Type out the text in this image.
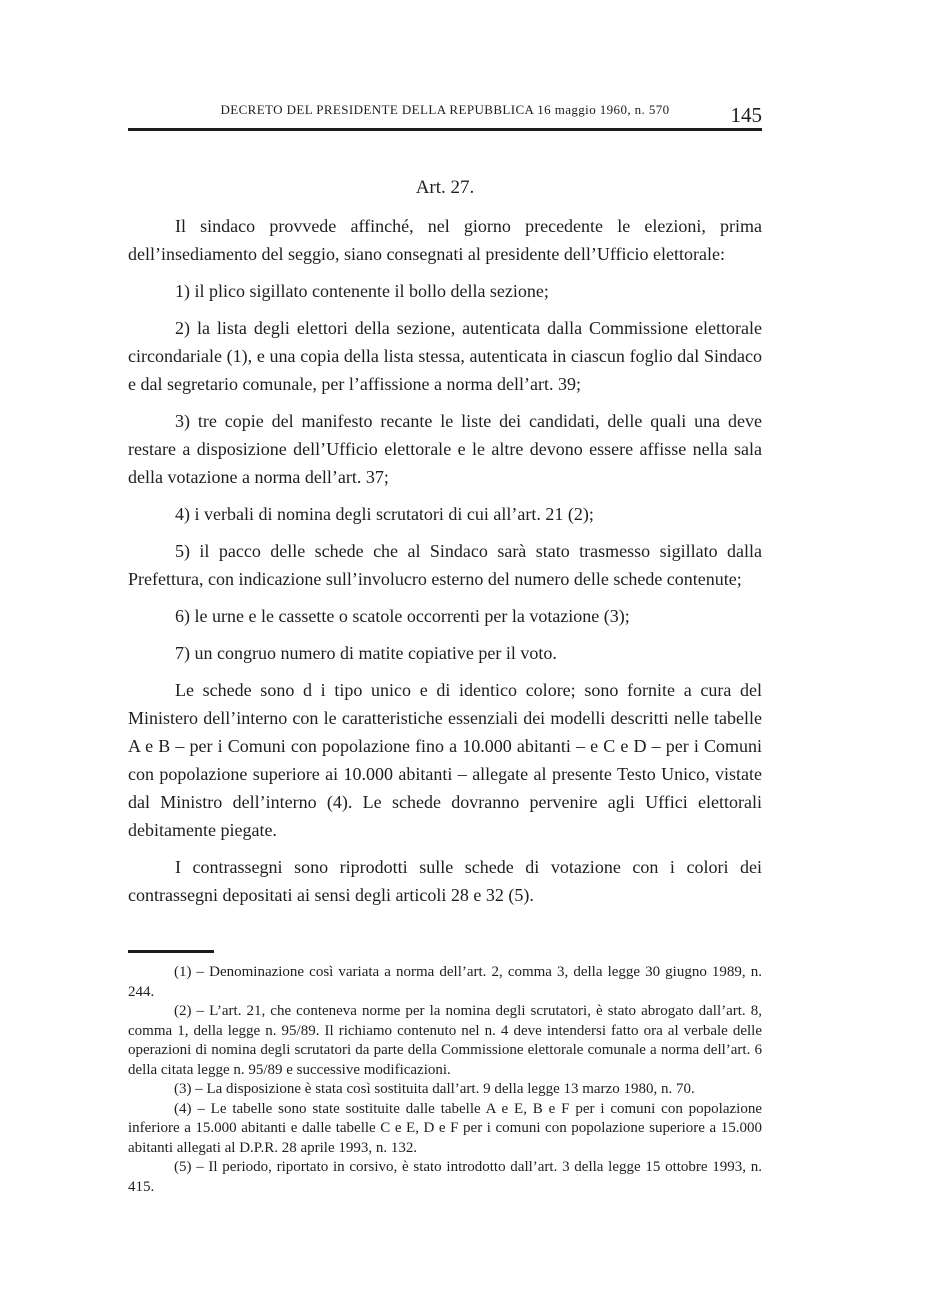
DECRETO DEL PRESIDENTE DELLA REPUBBLICA 16 maggio 1960, n. 570	145
Art. 27.

Il sindaco provvede affinché, nel giorno precedente le elezioni, prima dell’insediamento del seggio, siano consegnati al presidente dell’Ufficio elettorale:

1) il plico sigillato contenente il bollo della sezione;

2) la lista degli elettori della sezione, autenticata dalla Commissione elettorale circondariale (1), e una copia della lista stessa, autenticata in ciascun foglio dal Sindaco e dal segretario comunale, per l’affissione a norma dell’art. 39;

3) tre copie del manifesto recante le liste dei candidati, delle quali una deve restare a disposizione dell’Ufficio elettorale e le altre devono essere affisse nella sala della votazione a norma dell’art. 37;

4) i verbali di nomina degli scrutatori di cui all’art. 21 (2);

5) il pacco delle schede che al Sindaco sarà stato trasmesso sigillato dalla Prefettura, con indicazione sull’involucro esterno del numero delle schede contenute;

6) le urne e le cassette o scatole occorrenti per la votazione (3);

7) un congruo numero di matite copiative per il voto.

Le schede sono d i tipo unico e di identico colore; sono fornite a cura del Ministero dell’interno con le caratteristiche essenziali dei modelli descritti nelle tabelle A e B – per i Comuni con popolazione fino a 10.000 abitanti – e C e D – per i Comuni con popolazione superiore ai 10.000 abitanti – allegate al presente Testo Unico, vistate dal Ministro dell’interno (4). Le schede dovranno pervenire agli Uffici elettorali debitamente piegate.

I contrassegni sono riprodotti sulle schede di votazione con i colori dei contrassegni depositati ai sensi degli articoli 28 e 32 (5).

(1) – Denominazione così variata a norma dell’art. 2, comma 3, della legge 30 giugno 1989, n. 244.

(2) – L’art. 21, che conteneva norme per la nomina degli scrutatori, è stato abrogato dall’art. 8, comma 1, della legge n. 95/89. Il richiamo contenuto nel n. 4 deve intendersi fatto ora al verbale delle operazioni di nomina degli scrutatori da parte della Commissione elettorale comunale a norma dell’art. 6 della citata legge n. 95/89 e successive modificazioni.

(3) – La disposizione è stata così sostituita dall’art. 9 della legge 13 marzo 1980, n. 70.

(4) – Le tabelle sono state sostituite dalle tabelle A e E, B e F per i comuni con popolazione inferiore a 15.000 abitanti e dalle tabelle C e E, D e F per i comuni con popolazione superiore a 15.000 abitanti allegati al D.P.R. 28 aprile 1993, n. 132.

(5) – Il periodo, riportato in corsivo, è stato introdotto dall’art. 3 della legge 15 ottobre 1993, n. 415.
